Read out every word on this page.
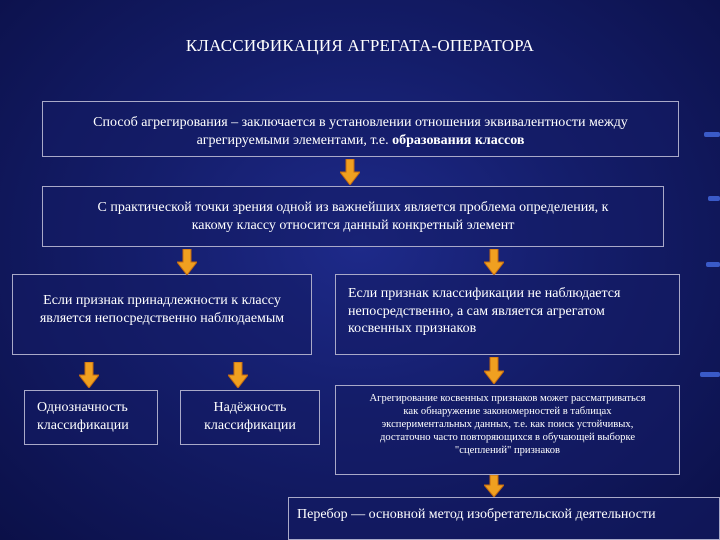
КЛАССИФИКАЦИЯ АГРЕГАТА-ОПЕРАТОРА
Способ агрегирования – заключается в установлении отношения эквивалентности между
агрегируемыми элементами, т.е. образования классов
С практической точки зрения одной из важнейших является проблема определения, к
какому классу относится данный конкретный элемент
Если признак принадлежности к классу
является непосредственно наблюдаемым
Если признак классификации не наблюдается
непосредственно, а сам является агрегатом
косвенных признаков
Однозначность
классификации
Надёжность
классификации
Агрегирование косвенных признаков может рассматриваться
как обнаружение закономерностей в таблицах
экспериментальных данных, т.е. как поиск устойчивых,
достаточно часто повторяющихся в обучающей выборке
"сцеплений" признаков
Перебор — основной метод изобретательской деятельности
